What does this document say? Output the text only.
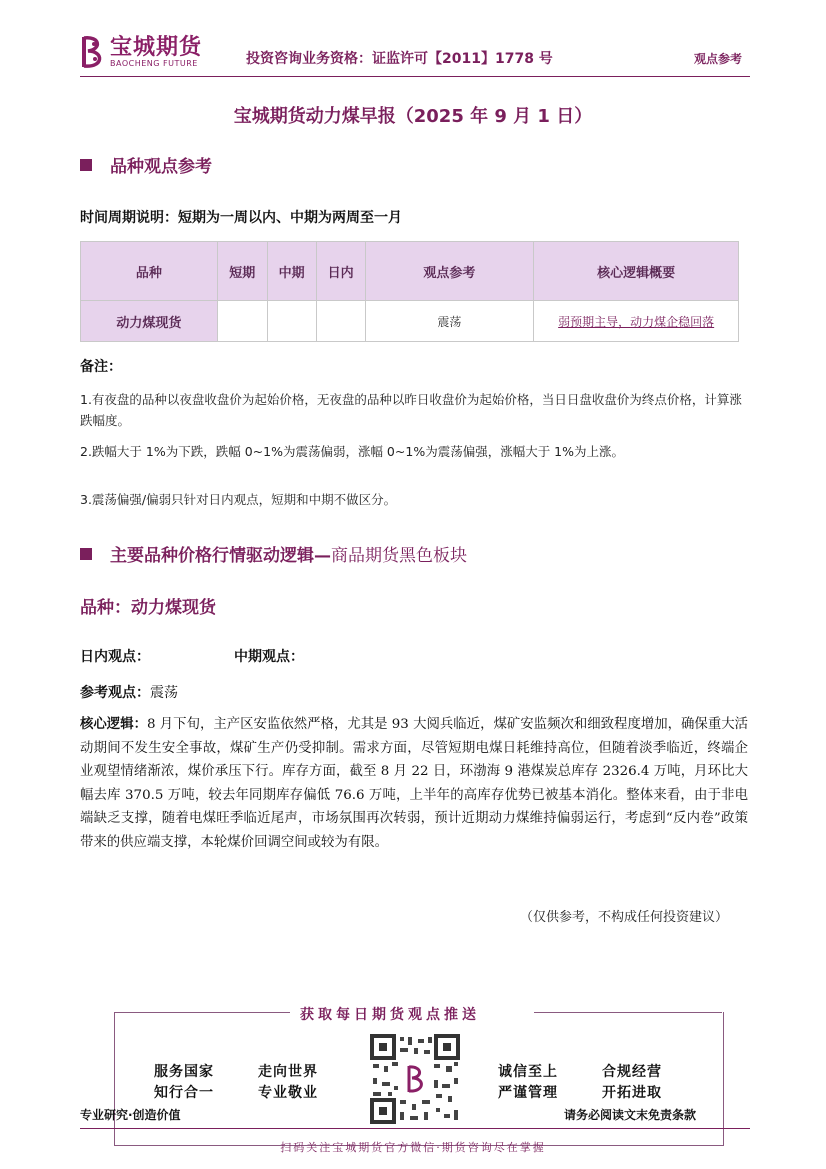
宝城期货
BAOCHENG FUTURE	投资咨询业务资格：证监许可【2011】1778 号	观点参考
宝城期货动力煤早报（2025 年 9 月 1 日）
品种观点参考
时间周期说明：短期为一周以内、中期为两周至一月
品种	短期	中期	日内	观点参考	核心逻辑概要
动力煤现货				震荡	弱预期主导，动力煤企稳回落
备注：
1.有夜盘的品种以夜盘收盘价为起始价格，无夜盘的品种以昨日收盘价为起始价格，当日日盘收盘价为终点价格，计算涨跌幅度。
2.跌幅大于 1%为下跌，跌幅 0~1%为震荡偏弱，涨幅 0~1%为震荡偏强，涨幅大于 1%为上涨。
3.震荡偏强/偏弱只针对日内观点，短期和中期不做区分。
主要品种价格行情驱动逻辑— 商品期货黑色板块
品种：动力煤现货
日内观点：	中期观点：
参考观点：震荡
核心逻辑：8 月下旬，主产区安监依然严格，尤其是 93 大阅兵临近，煤矿安监频次和细致程度增加，确保重大活动期间不发生安全事故，煤矿生产仍受抑制。需求方面，尽管短期电煤日耗维持高位，但随着淡季临近，终端企业观望情绪渐浓，煤价承压下行。库存方面，截至 8 月 22 日，环渤海 9 港煤炭总库存 2326.4 万吨，月环比大幅去库 370.5 万吨，较去年同期库存偏低 76.6 万吨，上半年的高库存优势已被基本消化。整体来看，由于非电端缺乏支撑，随着电煤旺季临近尾声，市场氛围再次转弱，预计近期动力煤维持偏弱运行，考虑到“反内卷”政策带来的供应端支撑，本轮煤价回调空间或较为有限。
（仅供参考，不构成任何投资建议）
获取每日期货观点推送
服务国家	走向世界
知行合一	专业敬业
诚信至上	合规经营
严谨管理	开拓进取
专业研究·创造价值	请务必阅读文末免责条款
扫码关注宝城期货官方微信·期货咨询尽在掌握
